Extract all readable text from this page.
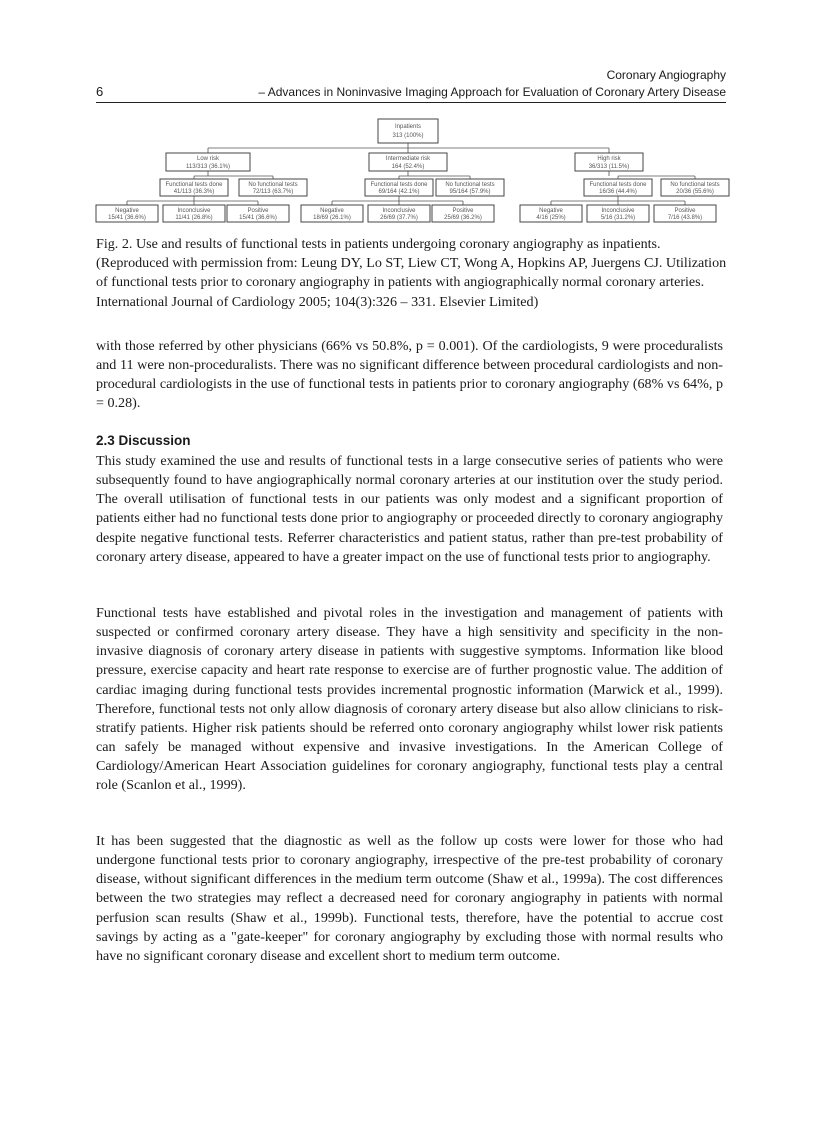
6
Coronary Angiography
– Advances in Noninvasive Imaging Approach for Evaluation of Coronary Artery Disease
Inpatients
313 (100%)
Low risk
113/313 (36.1%)
Intermediate risk
164 (52.4%)
High risk
36/313 (11.5%)
Functional tests done
41/113 (36.3%)
No functional tests
72/113 (63.7%)
Functional tests done
69/164 (42.1%)
No functional tests
95/164 (57.9%)
Functional tests done
16/36 (44.4%)
No functional tests
20/36 (55.6%)
Negative
15/41 (36.6%)
Inconclusive
11/41 (26.8%)
Positive
15/41 (36.6%)
Negative
18/69 (26.1%)
Inconclusive
26/69 (37.7%)
Positive
25/69 (36.2%)
Negative
4/16 (25%)
Inconclusive
5/16 (31.2%)
Positive
7/16 (43.8%)

Fig. 2. Use and results of functional tests in patients undergoing coronary angiography as inpatients. (Reproduced with permission from: Leung DY, Lo ST, Liew CT, Wong A, Hopkins AP, Juergens CJ. Utilization of functional tests prior to coronary angiography in patients with angiographically normal coronary arteries. International Journal of Cardiology 2005; 104(3):326 – 331. Elsevier Limited)

with those referred by other physicians (66% vs 50.8%, p = 0.001). Of the cardiologists, 9 were proceduralists and 11 were non-proceduralists. There was no significant difference between procedural cardiologists and non-procedural cardiologists in the use of functional tests in patients prior to coronary angiography (68% vs 64%, p = 0.28).

2.3 Discussion

This study examined the use and results of functional tests in a large consecutive series of patients who were subsequently found to have angiographically normal coronary arteries at our institution over the study period. The overall utilisation of functional tests in our patients was only modest and a significant proportion of patients either had no functional tests done prior to angiography or proceeded directly to coronary angiography despite negative functional tests. Referrer characteristics and patient status, rather than pre-test probability of coronary artery disease, appeared to have a greater impact on the use of functional tests prior to angiography.

Functional tests have established and pivotal roles in the investigation and management of patients with suspected or confirmed coronary artery disease. They have a high sensitivity and specificity in the non-invasive diagnosis of coronary artery disease in patients with suggestive symptoms. Information like blood pressure, exercise capacity and heart rate response to exercise are of further prognostic value. The addition of cardiac imaging during functional tests provides incremental prognostic information (Marwick et al., 1999). Therefore, functional tests not only allow diagnosis of coronary artery disease but also allow clinicians to risk-stratify patients. Higher risk patients should be referred onto coronary angiography whilst lower risk patients can safely be managed without expensive and invasive investigations. In the American College of Cardiology/American Heart Association guidelines for coronary angiography, functional tests play a central role (Scanlon et al., 1999).

It has been suggested that the diagnostic as well as the follow up costs were lower for those who had undergone functional tests prior to coronary angiography, irrespective of the pre-test probability of coronary disease, without significant differences in the medium term outcome (Shaw et al., 1999a). The cost differences between the two strategies may reflect a decreased need for coronary angiography in patients with normal perfusion scan results (Shaw et al., 1999b). Functional tests, therefore, have the potential to accrue cost savings by acting as a "gate-keeper" for coronary angiography by excluding those with normal results who have no significant coronary disease and excellent short to medium term outcome.
